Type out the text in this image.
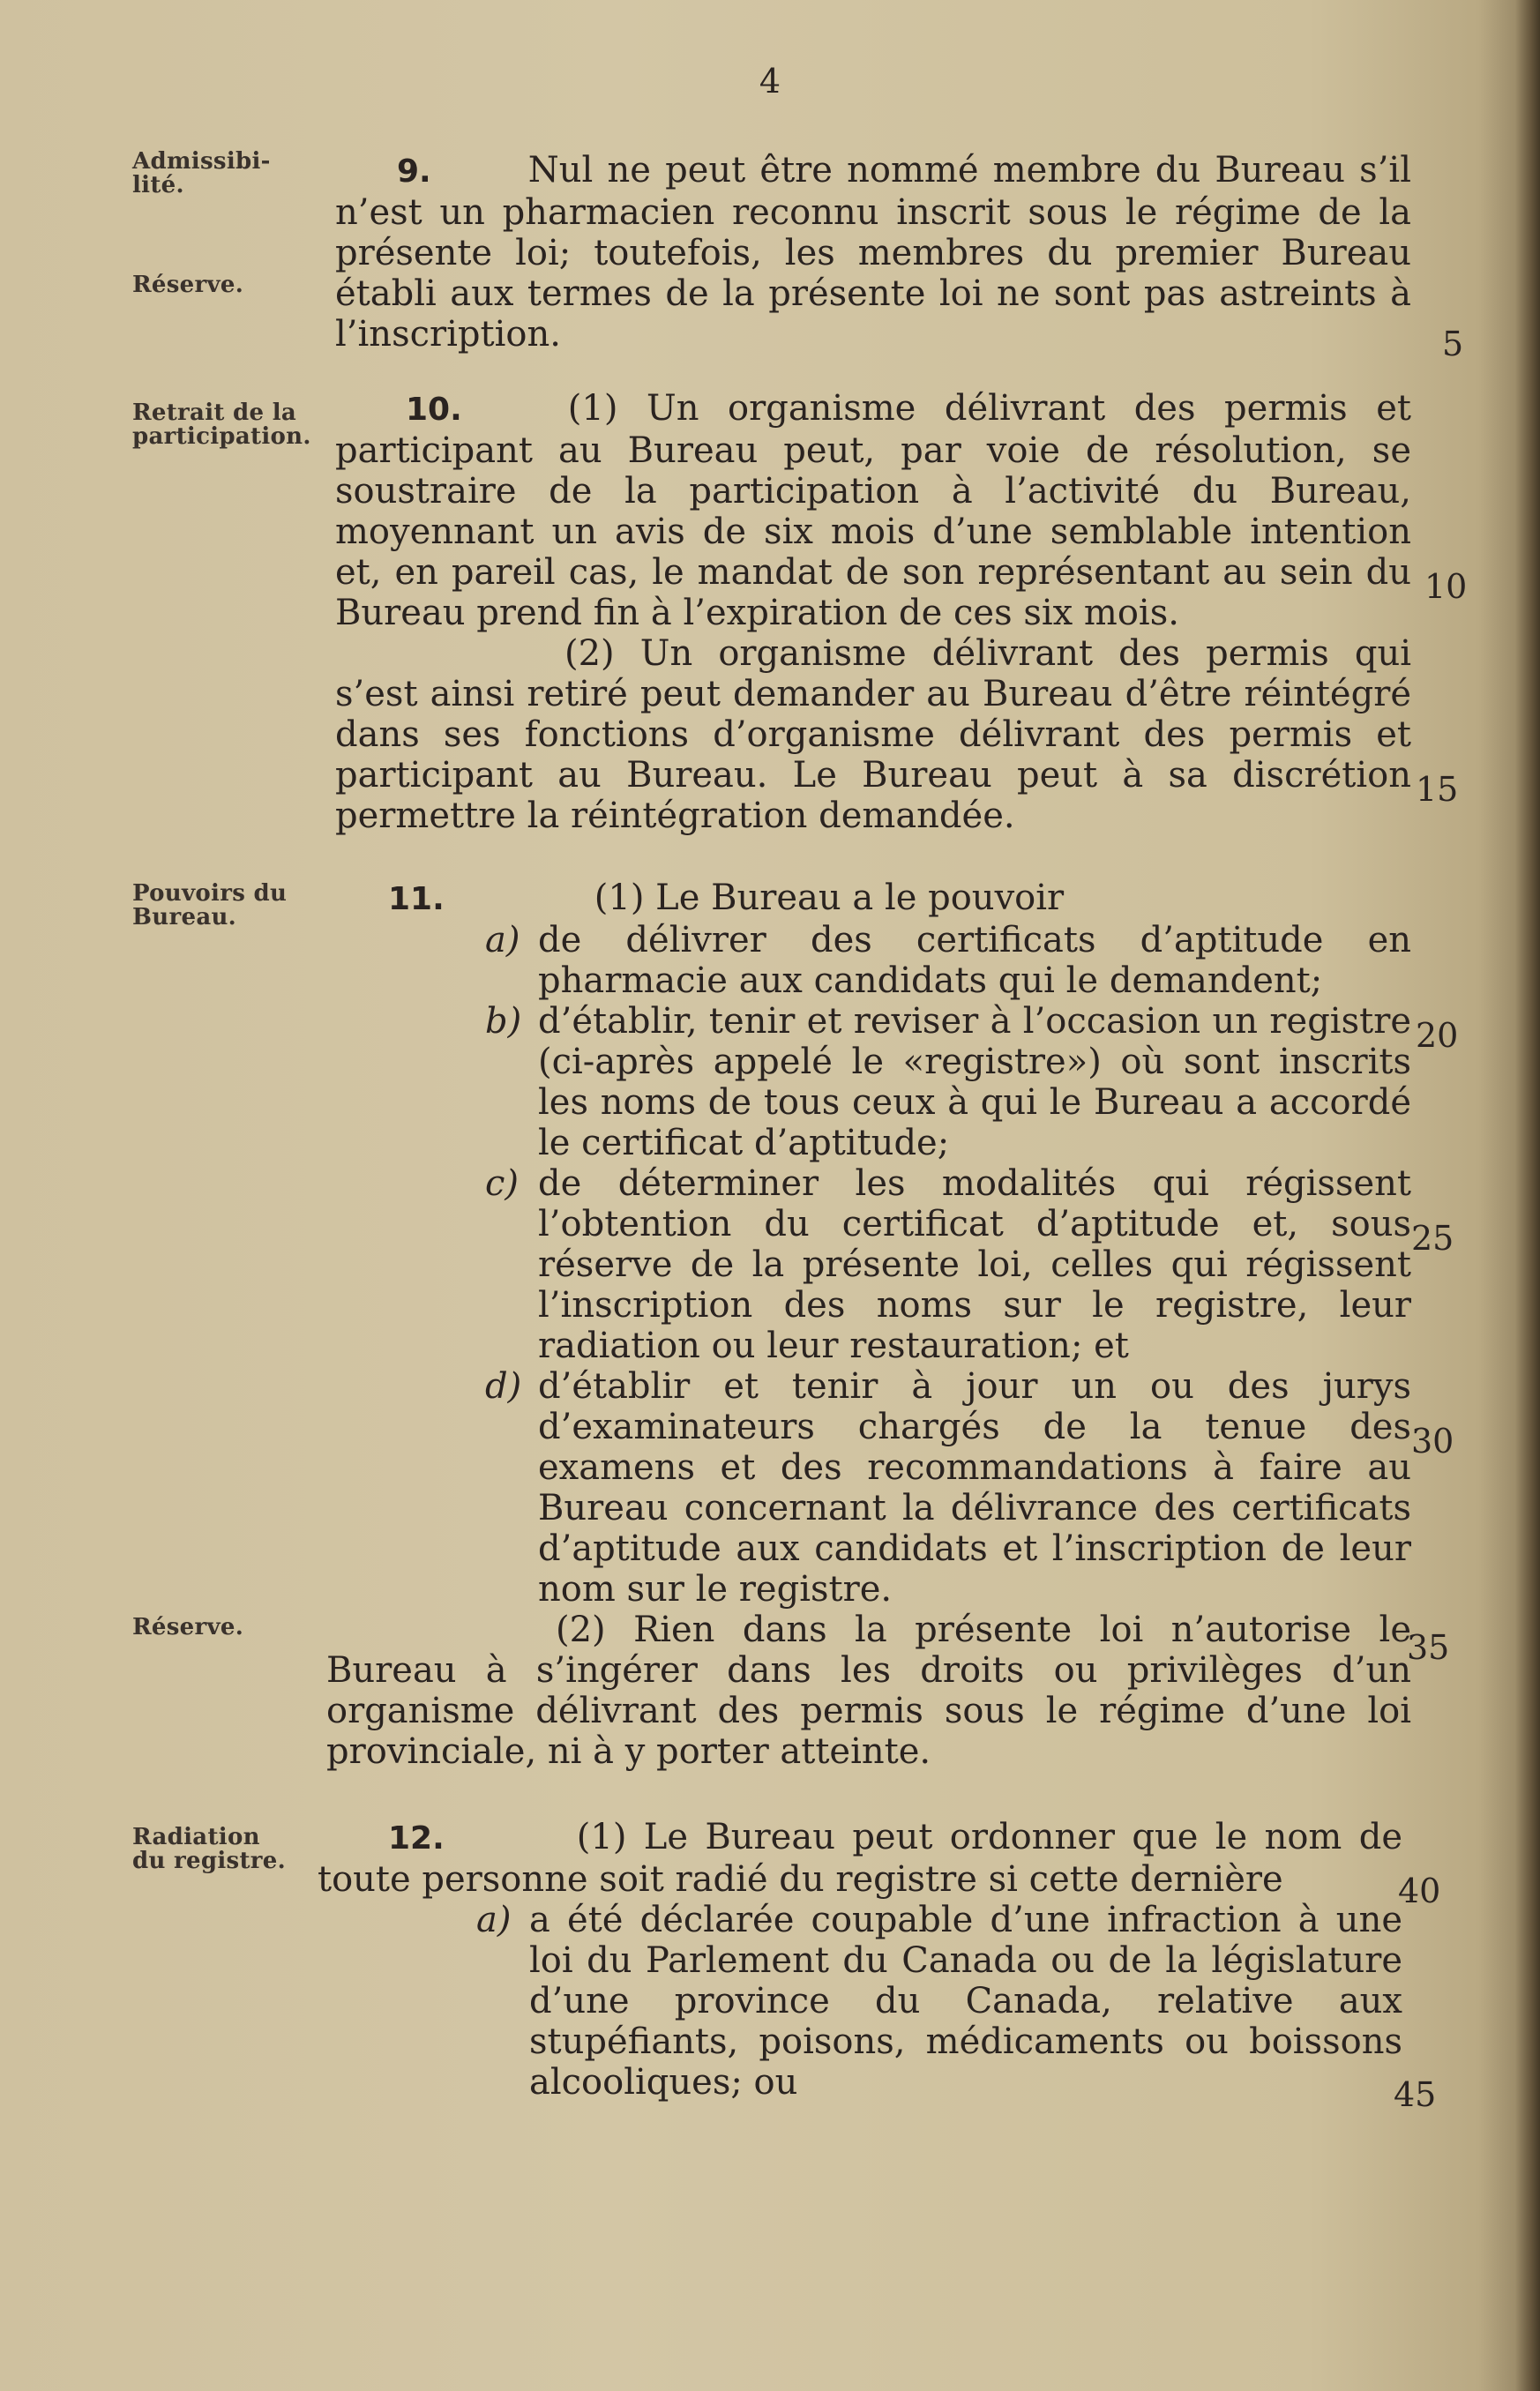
4
Admissibi-
lité.
Réserve.
Retrait de la
participation.
Pouvoirs du
Bureau.
Réserve.
Radiation
du registre.
5
10
15
20
25
30
35
40
45

9.	Nul ne peut être nommé membre du Bureau s’il n’est un pharmacien reconnu inscrit sous le régime de la présente loi; toutefois, les membres du premier Bureau établi aux termes de la présente loi ne sont pas astreints à l’inscription.

10.	(1) Un organisme délivrant des permis et participant au Bureau peut, par voie de résolution, se soustraire de la participation à l’activité du Bureau, moyennant un avis de six mois d’une semblable intention et, en pareil cas, le mandat de son représentant au sein du Bureau prend fin à l’expiration de ces six mois.

(2) Un organisme délivrant des permis qui s’est ainsi retiré peut demander au Bureau d’être réintégré dans ses fonctions d’organisme délivrant des permis et participant au Bureau. Le Bureau peut à sa discrétion permettre la réintégration demandée.

11.	(1) Le Bureau a le pouvoir

a) de délivrer des certificats d’aptitude en pharmacie aux candidats qui le demandent;

b) d’établir, tenir et reviser à l’occasion un registre (ci-après appelé le «registre») où sont inscrits les noms de tous ceux à qui le Bureau a accordé le certificat d’aptitude;

c) de déterminer les modalités qui régissent l’obtention du certificat d’aptitude et, sous réserve de la présente loi, celles qui régissent l’inscription des noms sur le registre, leur radiation ou leur restauration; et

d) d’établir et tenir à jour un ou des jurys d’examinateurs chargés de la tenue des examens et des recommandations à faire au Bureau concernant la délivrance des certificats d’aptitude aux candidats et l’inscription de leur nom sur le registre.

(2) Rien dans la présente loi n’autorise le Bureau à s’ingérer dans les droits ou privilèges d’un organisme délivrant des permis sous le régime d’une loi provinciale, ni à y porter atteinte.

12.	(1) Le Bureau peut ordonner que le nom de toute personne soit radié du registre si cette dernière

a) a été déclarée coupable d’une infraction à une loi du Parlement du Canada ou de la législature d’une province du Canada, relative aux stupéfiants, poisons, médicaments ou boissons alcooliques; ou
